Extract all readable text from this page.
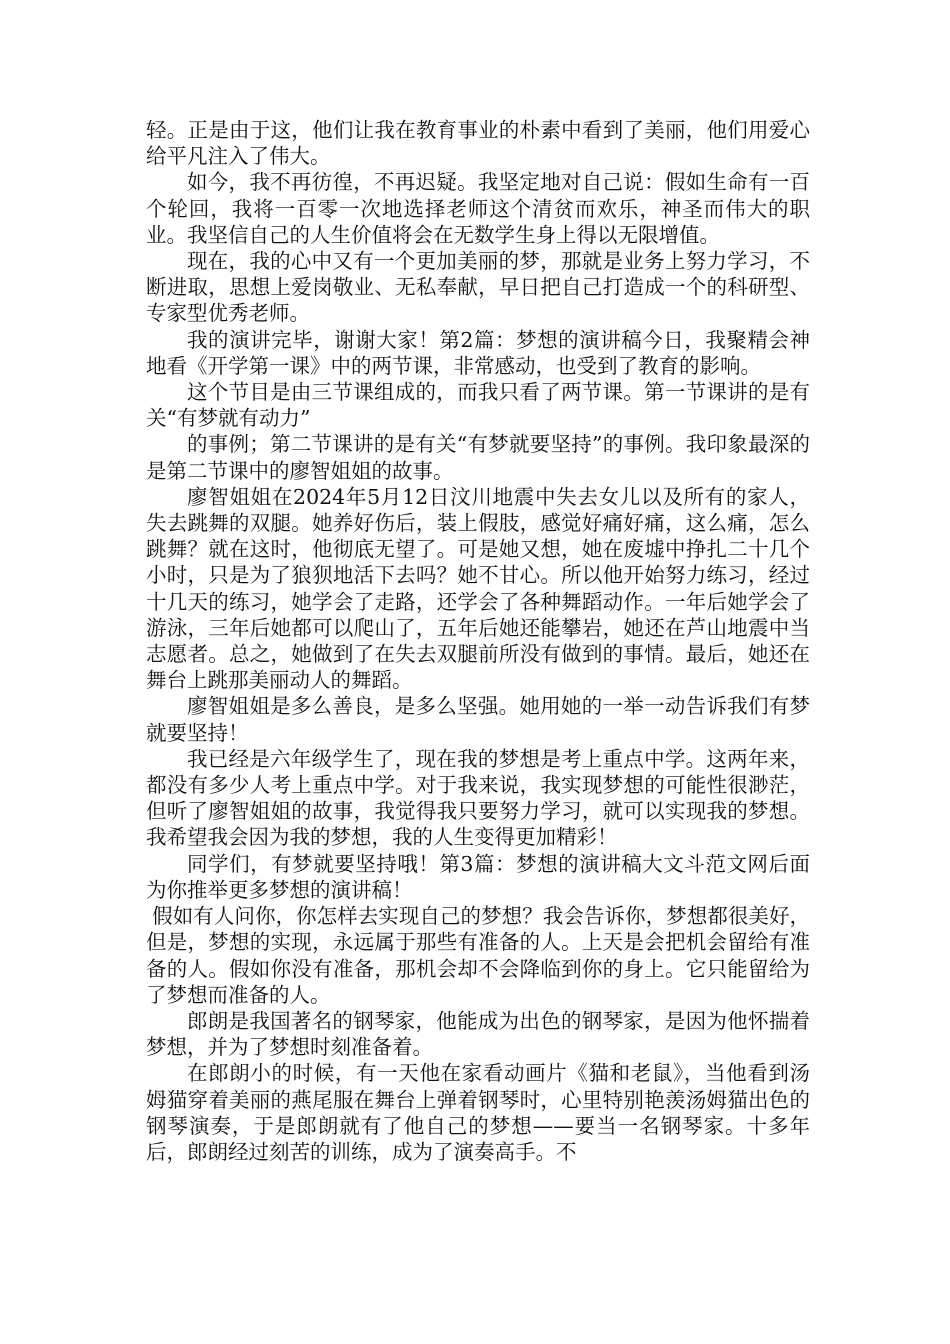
轻。正是由于这，他们让我在教育事业的朴素中看到了美丽，他们用爱心给平凡注入了伟大。

如今，我不再彷徨，不再迟疑。我坚定地对自己说：假如生命有一百个轮回，我将一百零一次地选择老师这个清贫而欢乐，神圣而伟大的职业。我坚信自己的人生价值将会在无数学生身上得以无限增值。

现在，我的心中又有一个更加美丽的梦，那就是业务上努力学习，不断进取，思想上爱岗敬业、无私奉献，早日把自己打造成一个的科研型、专家型优秀老师。

我的演讲完毕，谢谢大家！第2篇：梦想的演讲稿今日，我聚精会神地看《开学第一课》中的两节课，非常感动，也受到了教育的影响。

这个节目是由三节课组成的，而我只看了两节课。第一节课讲的是有关“有梦就有动力”

的事例；第二节课讲的是有关“有梦就要坚持”的事例。我印象最深的是第二节课中的廖智姐姐的故事。

廖智姐姐在2024年5月12日汶川地震中失去女儿以及所有的家人，失去跳舞的双腿。她养好伤后，装上假肢，感觉好痛好痛，这么痛，怎么跳舞？就在这时，他彻底无望了。可是她又想，她在废墟中挣扎二十几个小时，只是为了狼狈地活下去吗？她不甘心。所以他开始努力练习，经过十几天的练习，她学会了走路，还学会了各种舞蹈动作。一年后她学会了游泳，三年后她都可以爬山了，五年后她还能攀岩，她还在芦山地震中当志愿者。总之，她做到了在失去双腿前所没有做到的事情。最后，她还在舞台上跳那美丽动人的舞蹈。

廖智姐姐是多么善良，是多么坚强。她用她的一举一动告诉我们有梦就要坚持！

我已经是六年级学生了，现在我的梦想是考上重点中学。这两年来，都没有多少人考上重点中学。对于我来说，我实现梦想的可能性很渺茫，但听了廖智姐姐的故事，我觉得我只要努力学习，就可以实现我的梦想。我希望我会因为我的梦想，我的人生变得更加精彩！

同学们，有梦就要坚持哦！第3篇：梦想的演讲稿大文斗范文网后面为你推举更多梦想的演讲稿！

假如有人问你，你怎样去实现自己的梦想？我会告诉你，梦想都很美好，但是，梦想的实现，永远属于那些有准备的人。上天是会把机会留给有准备的人。假如你没有准备，那机会却不会降临到你的身上。它只能留给为了梦想而准备的人。

郎朗是我国著名的钢琴家，他能成为出色的钢琴家，是因为他怀揣着梦想，并为了梦想时刻准备着。

在郎朗小的时候，有一天他在家看动画片《猫和老鼠》，当他看到汤姆猫穿着美丽的燕尾服在舞台上弹着钢琴时，心里特别艳羡汤姆猫出色的钢琴演奏，于是郎朗就有了他自己的梦想——要当一名钢琴家。十多年后，郎朗经过刻苦的训练，成为了演奏高手。不
